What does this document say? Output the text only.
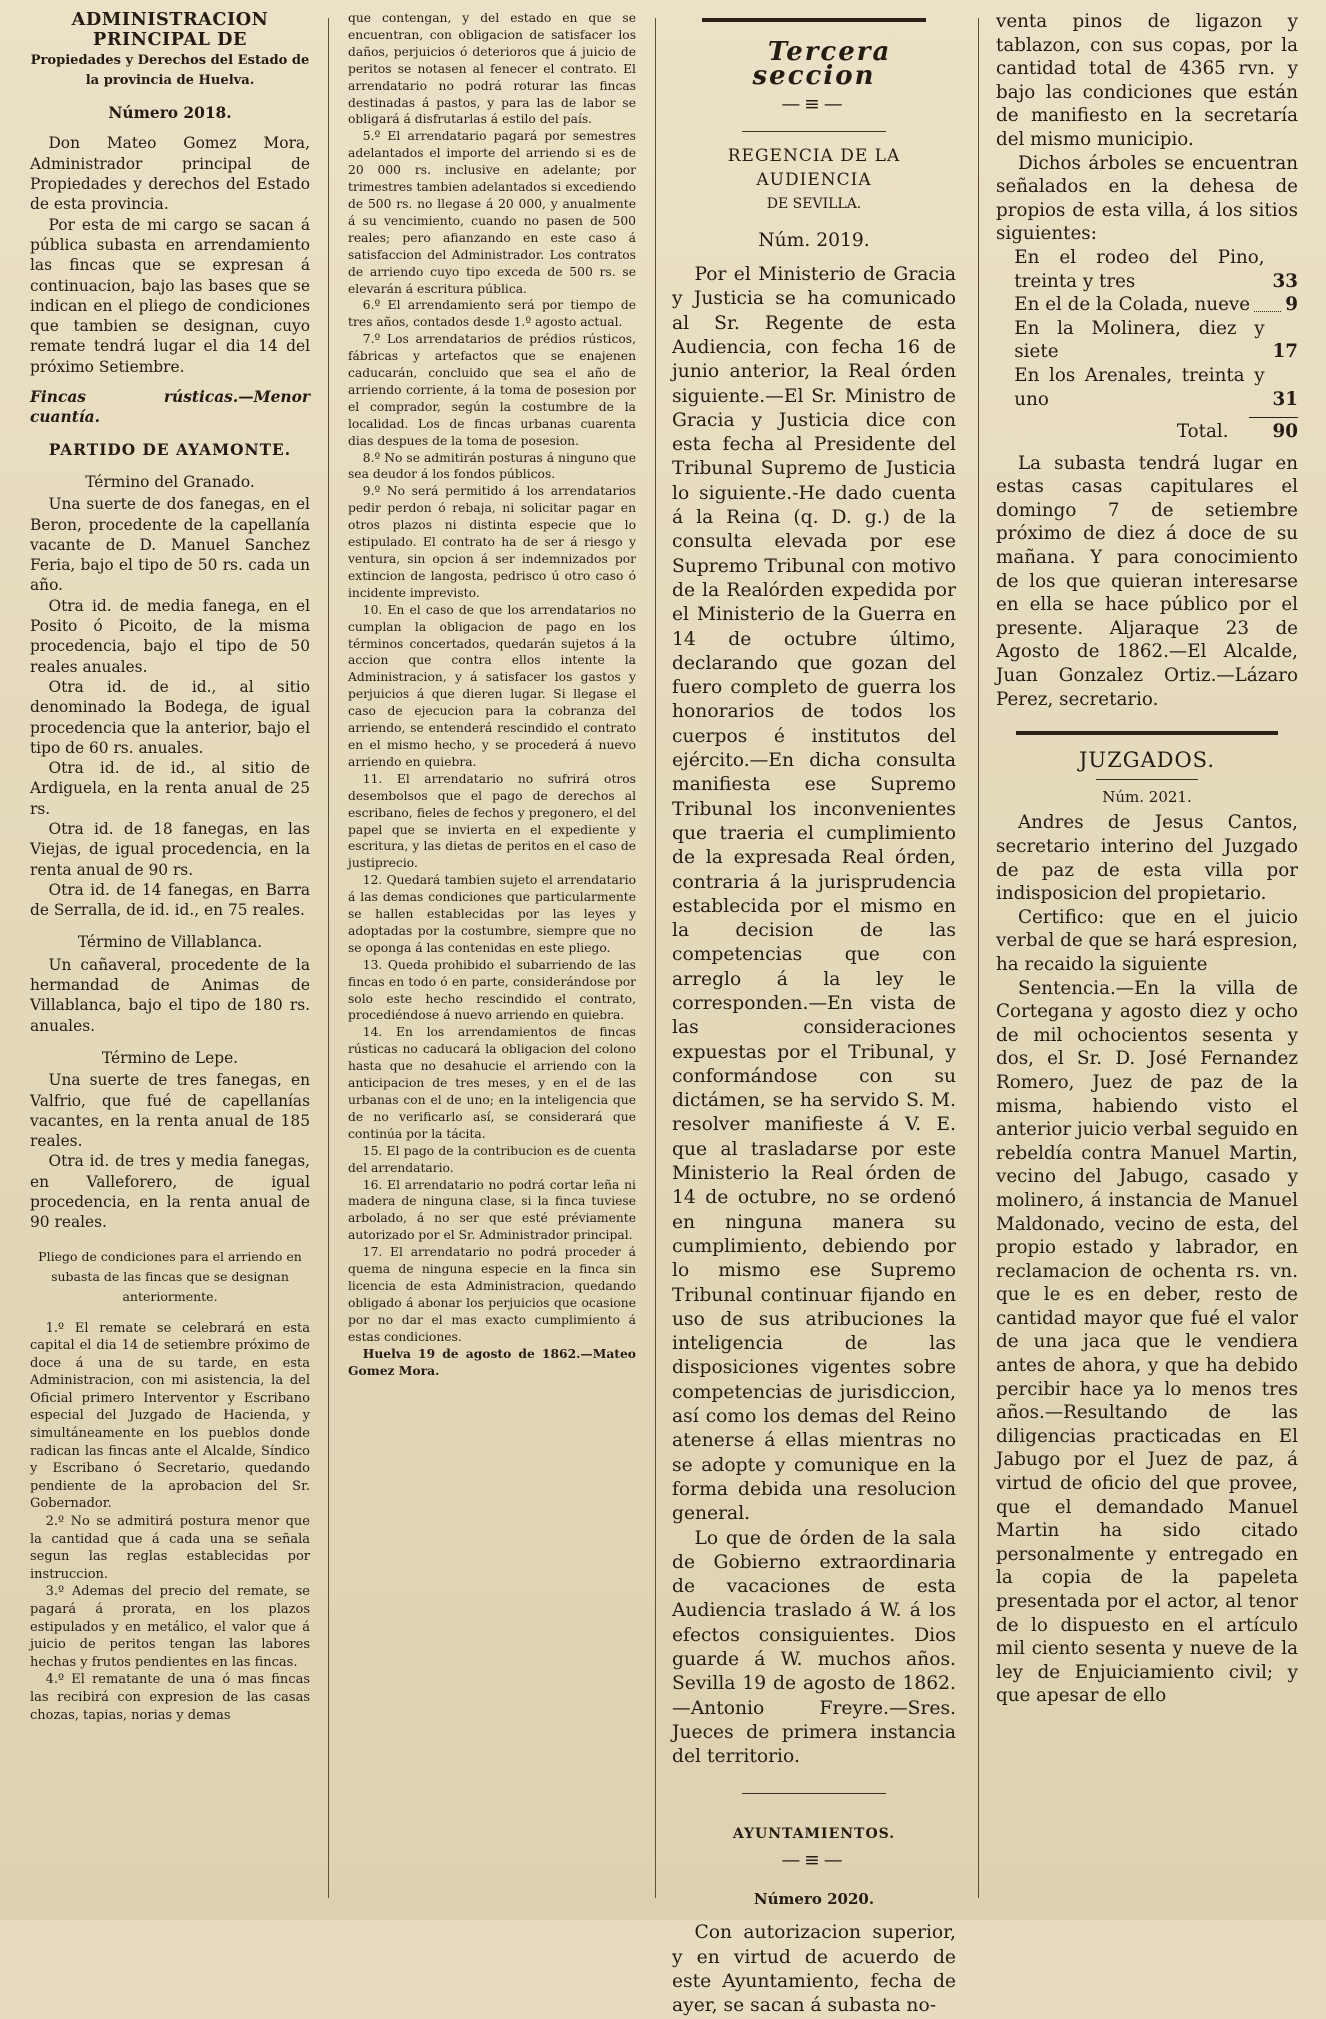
ADMINISTRACION PRINCIPAL DE

Propiedades y Derechos del Estado de la provincia de Huelva.

Número 2018.

Don Mateo Gomez Mora, Administrador principal de Propiedades y derechos del Estado de esta provincia.

Por esta de mi cargo se sacan á pública subasta en arrendamiento las fincas que se expresan á continuacion, bajo las bases que se indican en el pliego de condiciones que tambien se designan, cuyo remate tendrá lugar el dia 14 del próximo Setiembre.

Fincas rústicas.—Menor cuantía.

PARTIDO DE AYAMONTE.

Término del Granado.

Una suerte de dos fanegas, en el Beron, procedente de la capellanía vacante de D. Manuel Sanchez Feria, bajo el tipo de 50 rs. cada un año.

Otra id. de media fanega, en el Posito ó Picoito, de la misma procedencia, bajo el tipo de 50 reales anuales.

Otra id. de id., al sitio denominado la Bodega, de igual procedencia que la anterior, bajo el tipo de 60 rs. anuales.

Otra id. de id., al sitio de Ardiguela, en la renta anual de 25 rs.

Otra id. de 18 fanegas, en las Viejas, de igual procedencia, en la renta anual de 90 rs.

Otra id. de 14 fanegas, en Barra de Serralla, de id. id., en 75 reales.

Término de Villablanca.

Un cañaveral, procedente de la hermandad de Animas de Villablanca, bajo el tipo de 180 rs. anuales.

Término de Lepe.

Una suerte de tres fanegas, en Valfrio, que fué de capellanías vacantes, en la renta anual de 185 reales.

Otra id. de tres y media fanegas, en Valleforero, de igual procedencia, en la renta anual de 90 reales.

Pliego de condiciones para el arriendo en subasta de las fincas que se designan anteriormente.

1.º El remate se celebrará en esta capital el dia 14 de setiembre próximo de doce á una de su tarde, en esta Administracion, con mi asistencia, la del Oficial primero Interventor y Escribano especial del Juzgado de Hacienda, y simultáneamente en los pueblos donde radican las fincas ante el Alcalde, Síndico y Escribano ó Secretario, quedando pendiente de la aprobacion del Sr. Gobernador.

2.º No se admitirá postura menor que la cantidad que á cada una se señala segun las reglas establecidas por instruccion.

3.º Ademas del precio del remate, se pagará á prorata, en los plazos estipulados y en metálico, el valor que á juicio de peritos tengan las labores hechas y frutos pendientes en las fincas.

4.º El rematante de una ó mas fincas las recibirá con expresion de las casas chozas, tapias, norias y demas

que contengan, y del estado en que se encuentran, con obligacion de satisfacer los daños, perjuicios ó deterioros que á juicio de peritos se notasen al fenecer el contrato. El arrendatario no podrá roturar las fincas destinadas á pastos, y para las de labor se obligará á disfrutarlas á estilo del país.

5.º El arrendatario pagará por semestres adelantados el importe del arriendo si es de 20 000 rs. inclusive en adelante; por trimestres tambien adelantados si excediendo de 500 rs. no llegase á 20 000, y anualmente á su vencimiento, cuando no pasen de 500 reales; pero afianzando en este caso á satisfaccion del Administrador. Los contratos de arriendo cuyo tipo exceda de 500 rs. se elevarán á escritura pública.

6.º El arrendamiento será por tiempo de tres años, contados desde 1.º agosto actual.

7.º Los arrendatarios de prédios rústicos, fábricas y artefactos que se enajenen caducarán, concluido que sea el año de arriendo corriente, á la toma de posesion por el comprador, según la costumbre de la localidad. Los de fincas urbanas cuarenta dias despues de la toma de posesion.

8.º No se admitirán posturas á ninguno que sea deudor á los fondos públicos.

9.º No será permitido á los arrendatarios pedir perdon ó rebaja, ni solicitar pagar en otros plazos ni distinta especie que lo estipulado. El contrato ha de ser á riesgo y ventura, sin opcion á ser indemnizados por extincion de langosta, pedrisco ú otro caso ó incidente imprevisto.

10. En el caso de que los arrendatarios no cumplan la obligacion de pago en los términos concertados, quedarán sujetos á la accion que contra ellos intente la Administracion, y á satisfacer los gastos y perjuicios á que dieren lugar. Si llegase el caso de ejecucion para la cobranza del arriendo, se entenderá rescindido el contrato en el mismo hecho, y se procederá á nuevo arriendo en quiebra.

11. El arrendatario no sufrirá otros desembolsos que el pago de derechos al escribano, fieles de fechos y pregonero, el del papel que se invierta en el expediente y escritura, y las dietas de peritos en el caso de justiprecio.

12. Quedará tambien sujeto el arrendatario á las demas condiciones que particularmente se hallen establecidas por las leyes y adoptadas por la costumbre, siempre que no se oponga á las contenidas en este pliego.

13. Queda prohibido el subarriendo de las fincas en todo ó en parte, considerándose por solo este hecho rescindido el contrato, procediéndose á nuevo arriendo en quiebra.

14. En los arrendamientos de fincas rústicas no caducará la obligacion del colono hasta que no desahucie el arriendo con la anticipacion de tres meses, y en el de las urbanas con el de uno; en la inteligencia que de no verificarlo así, se considerará que continúa por la tácita.

15. El pago de la contribucion es de cuenta del arrendatario.

16. El arrendatario no podrá cortar leña ni madera de ninguna clase, si la finca tuviese arbolado, á no ser que esté préviamente autorizado por el Sr. Administrador principal.

17. El arrendatario no podrá proceder á quema de ninguna especie en la finca sin licencia de esta Administracion, quedando obligado á abonar los perjuicios que ocasione por no dar el mas exacto cumplimiento á estas condiciones.

Huelva 19 de agosto de 1862.—Mateo Gomez Mora.

Tercera seccion

—≡—

REGENCIA DE LA AUDIENCIA

DE SEVILLA.

Núm. 2019.

Por el Ministerio de Gracia y Justicia se ha comunicado al Sr. Regente de esta Audiencia, con fecha 16 de junio anterior, la Real órden siguiente.—El Sr. Ministro de Gracia y Justicia dice con esta fecha al Presidente del Tribunal Supremo de Justicia lo siguiente.-He dado cuenta á la Reina (q. D. g.) de la consulta elevada por ese Supremo Tribunal con motivo de la Realórden expedida por el Ministerio de la Guerra en 14 de octubre último, declarando que gozan del fuero completo de guerra los honorarios de todos los cuerpos é institutos del ejército.—En dicha consulta manifiesta ese Supremo Tribunal los inconvenientes que traeria el cumplimiento de la expresada Real órden, contraria á la jurisprudencia establecida por el mismo en la decision de las competencias que con arreglo á la ley le corresponden.—En vista de las consideraciones expuestas por el Tribunal, y conformándose con su dictámen, se ha servido S. M. resolver manifieste á V. E. que al trasladarse por este Ministerio la Real órden de 14 de octubre, no se ordenó en ninguna manera su cumplimiento, debiendo por lo mismo ese Supremo Tribunal continuar fijando en uso de sus atribuciones la inteligencia de las disposiciones vigentes sobre competencias de jurisdiccion, así como los demas del Reino atenerse á ellas mientras no se adopte y comunique en la forma debida una resolucion general.

Lo que de órden de la sala de Gobierno extraordinaria de vacaciones de esta Audiencia traslado á W. á los efectos consiguientes. Dios guarde á W. muchos años. Sevilla 19 de agosto de 1862.—Antonio Freyre.—Sres. Jueces de primera instancia del territorio.

AYUNTAMIENTOS.

—≡—

Número 2020.

Con autorizacion superior, y en virtud de acuerdo de este Ayuntamiento, fecha de ayer, se sacan á subasta no-

venta pinos de ligazon y tablazon, con sus copas, por la cantidad total de 4365 rvn. y bajo las condiciones que están de manifiesto en la secretaría del mismo municipio.

Dichos árboles se encuentran señalados en la dehesa de propios de esta villa, á los sitios siguientes:

En el rodeo del Pino, treinta y tres	33
En el de la Colada, nueve 9
En la Molinera, diez y siete	17
En los Arenales, treinta y uno	31
Total.	90

La subasta tendrá lugar en estas casas capitulares el domingo 7 de setiembre próximo de diez á doce de su mañana. Y para conocimiento de los que quieran interesarse en ella se hace público por el presente. Aljaraque 23 de Agosto de 1862.—El Alcalde, Juan Gonzalez Ortiz.—Lázaro Perez, secretario.

JUZGADOS.

Núm. 2021.

Andres de Jesus Cantos, secretario interino del Juzgado de paz de esta villa por indisposicion del propietario.

Certifico: que en el juicio verbal de que se hará espresion, ha recaido la siguiente

Sentencia.—En la villa de Cortegana y agosto diez y ocho de mil ochocientos sesenta y dos, el Sr. D. José Fernandez Romero, Juez de paz de la misma, habiendo visto el anterior juicio verbal seguido en rebeldía contra Manuel Martin, vecino del Jabugo, casado y molinero, á instancia de Manuel Maldonado, vecino de esta, del propio estado y labrador, en reclamacion de ochenta rs. vn. que le es en deber, resto de cantidad mayor que fué el valor de una jaca que le vendiera antes de ahora, y que ha debido percibir hace ya lo menos tres años.—Resultando de las diligencias practicadas en El Jabugo por el Juez de paz, á virtud de oficio del que provee, que el demandado Manuel Martin ha sido citado personalmente y entregado en la copia de la papeleta presentada por el actor, al tenor de lo dispuesto en el artículo mil ciento sesenta y nueve de la ley de Enjuiciamiento civil; y que apesar de ello
